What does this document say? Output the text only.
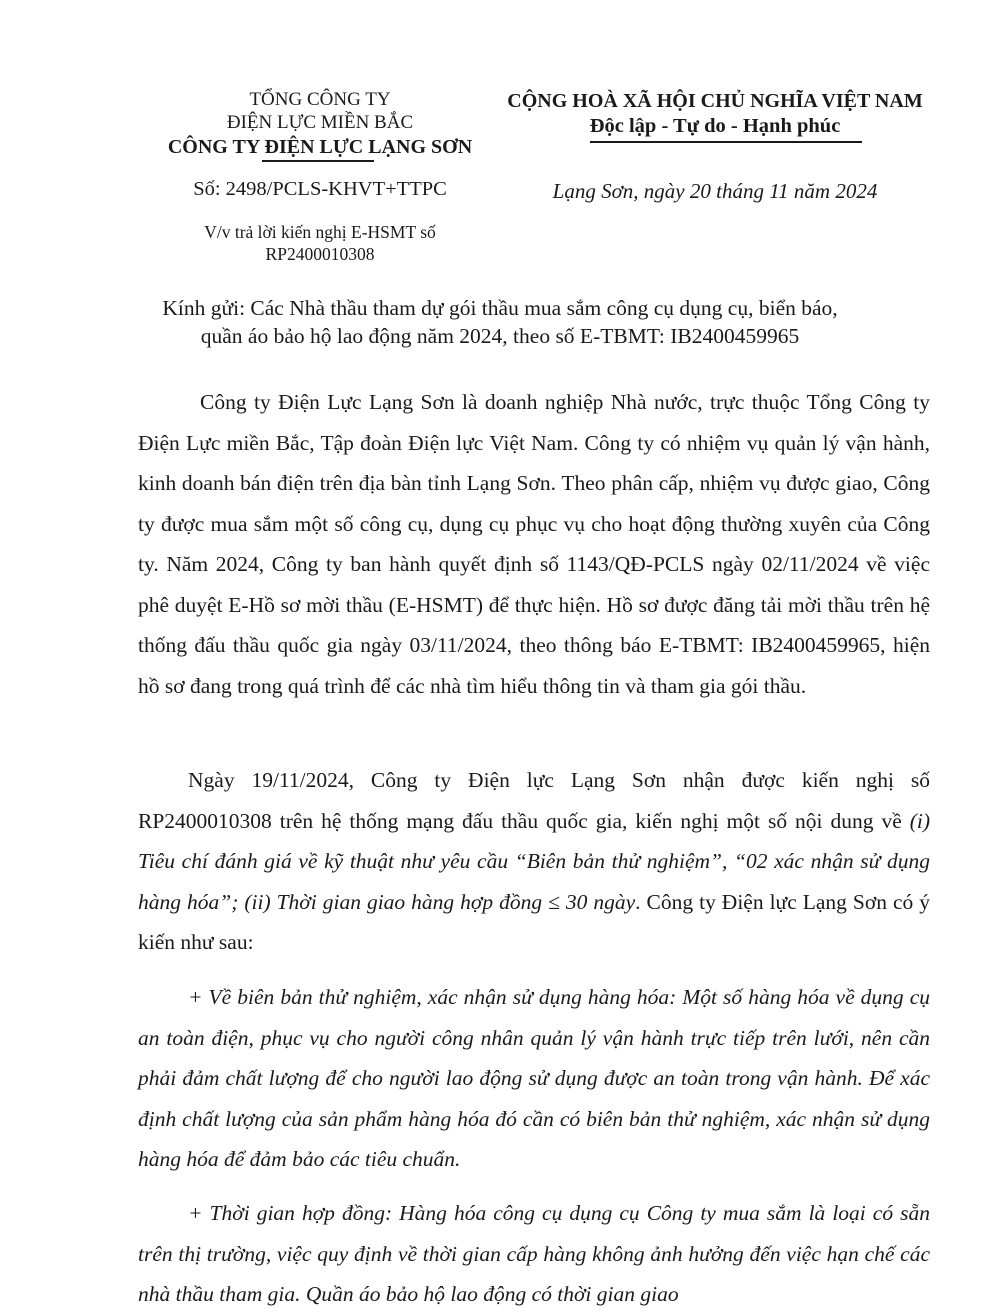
TỔNG CÔNG TY
ĐIỆN LỰC MIỀN BẮC
CÔNG TY ĐIỆN LỰC LẠNG SƠN
Số: 2498/PCLS-KHVT+TTPC
V/v trả lời kiến nghị E-HSMT số
RP2400010308
CỘNG HOÀ XÃ HỘI CHỦ NGHĨA VIỆT NAM
Độc lập - Tự do - Hạnh phúc
Lạng Sơn, ngày 20 tháng 11 năm 2024
Kính gửi: Các Nhà thầu tham dự gói thầu mua sắm công cụ dụng cụ, biển báo,
quần áo bảo hộ lao động năm 2024, theo số E-TBMT: IB2400459965

Công ty Điện Lực Lạng Sơn là doanh nghiệp Nhà nước, trực thuộc Tổng Công ty Điện Lực miền Bắc, Tập đoàn Điện lực Việt Nam. Công ty có nhiệm vụ quản lý vận hành, kinh doanh bán điện trên địa bàn tỉnh Lạng Sơn. Theo phân cấp, nhiệm vụ được giao, Công ty được mua sắm một số công cụ, dụng cụ phục vụ cho hoạt động thường xuyên của Công ty. Năm 2024, Công ty ban hành quyết định số 1143/QĐ-PCLS ngày 02/11/2024 về việc phê duyệt E-Hồ sơ mời thầu (E-HSMT) để thực hiện. Hồ sơ được đăng tải mời thầu trên hệ thống đấu thầu quốc gia ngày 03/11/2024, theo thông báo E-TBMT: IB2400459965, hiện hồ sơ đang trong quá trình để các nhà tìm hiểu thông tin và tham gia gói thầu.

Ngày 19/11/2024, Công ty Điện lực Lạng Sơn nhận được kiến nghị số RP2400010308 trên hệ thống mạng đấu thầu quốc gia, kiến nghị một số nội dung về (i) Tiêu chí đánh giá về kỹ thuật như yêu cầu “Biên bản thử nghiệm”, “02 xác nhận sử dụng hàng hóa”; (ii) Thời gian giao hàng hợp đồng ≤ 30 ngày. Công ty Điện lực Lạng Sơn có ý kiến như sau:

+ Về biên bản thử nghiệm, xác nhận sử dụng hàng hóa: Một số hàng hóa về dụng cụ an toàn điện, phục vụ cho người công nhân quản lý vận hành trực tiếp trên lưới, nên cần phải đảm chất lượng để cho người lao động sử dụng được an toàn trong vận hành. Để xác định chất lượng của sản phẩm hàng hóa đó cần có biên bản thử nghiệm, xác nhận sử dụng hàng hóa để đảm bảo các tiêu chuẩn.

+ Thời gian hợp đồng: Hàng hóa công cụ dụng cụ Công ty mua sắm là loại có sẵn trên thị trường, việc quy định về thời gian cấp hàng không ảnh hưởng đến việc hạn chế các nhà thầu tham gia. Quần áo bảo hộ lao động có thời gian giao
